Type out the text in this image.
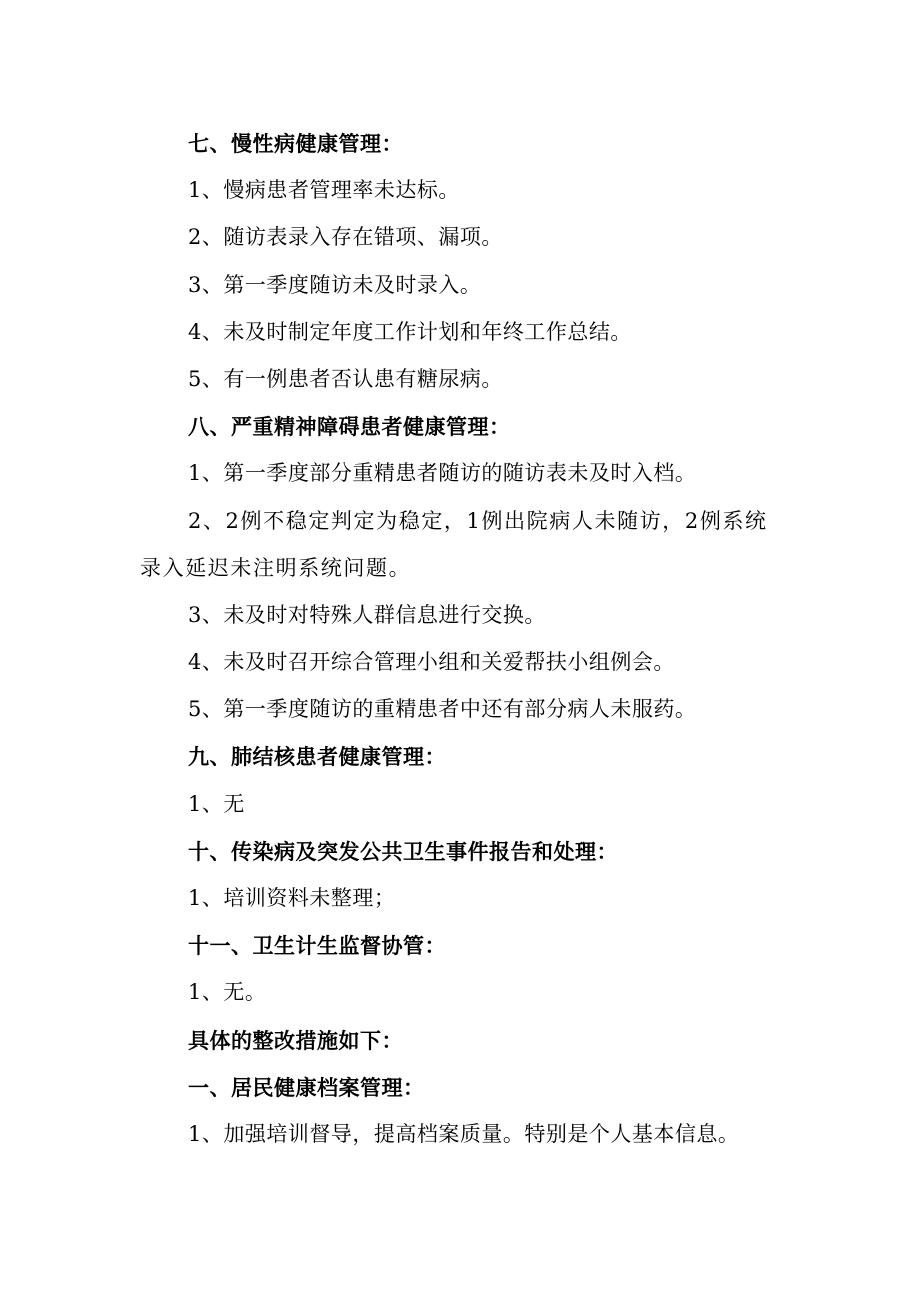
七、慢性病健康管理：
1、慢病患者管理率未达标。
2、随访表录入存在错项、漏项。
3、第一季度随访未及时录入。
4、未及时制定年度工作计划和年终工作总结。
5、有一例患者否认患有糖尿病。
八、严重精神障碍患者健康管理：
1、第一季度部分重精患者随访的随访表未及时入档。
2、2例不稳定判定为稳定，1例出院病人未随访，2例系统录入延迟未注明系统问题。
3、未及时对特殊人群信息进行交换。
4、未及时召开综合管理小组和关爱帮扶小组例会。
5、第一季度随访的重精患者中还有部分病人未服药。
九、肺结核患者健康管理：
1、无
十、传染病及突发公共卫生事件报告和处理：
1、培训资料未整理；
十一、卫生计生监督协管：
1、无。
具体的整改措施如下：
一、居民健康档案管理：
1、加强培训督导，提高档案质量。特别是个人基本信息。
